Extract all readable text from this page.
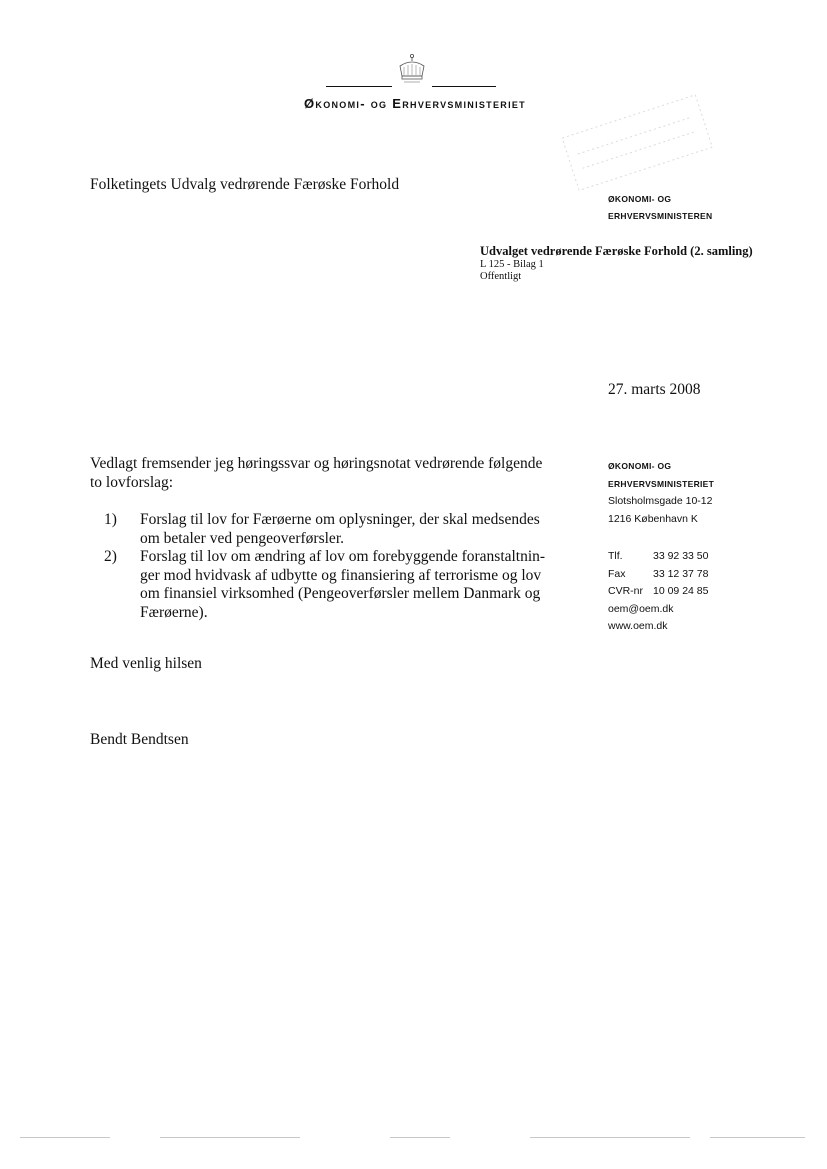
Økonomi- og Erhvervsministeriet
Folketingets Udvalg vedrørende Færøske Forhold
ØKONOMI- OG
ERHVERVSMINISTEREN
Udvalget vedrørende Færøske Forhold (2. samling)
L 125 - Bilag 1
Offentligt
27. marts 2008
Vedlagt fremsender jeg høringssvar og høringsnotat vedrørende følgende
to lovforslag:
1)	Forslag til lov for Færøerne om oplysninger, der skal medsendes
om betaler ved pengeoverførsler.
2)	Forslag til lov om ændring af lov om forebyggende foranstaltnin-
ger mod hvidvask af udbytte og finansiering af terrorisme og lov
om finansiel virksomhed (Pengeoverførsler mellem Danmark og
Færøerne).
Med venlig hilsen
Bendt Bendtsen
ØKONOMI- OG
ERHVERVSMINISTERIET
Slotsholmsgade 10-12
1216 København K
Tlf.	33 92 33 50
Fax	33 12 37 78
CVR-nr 10 09 24 85
oem@oem.dk
www.oem.dk
